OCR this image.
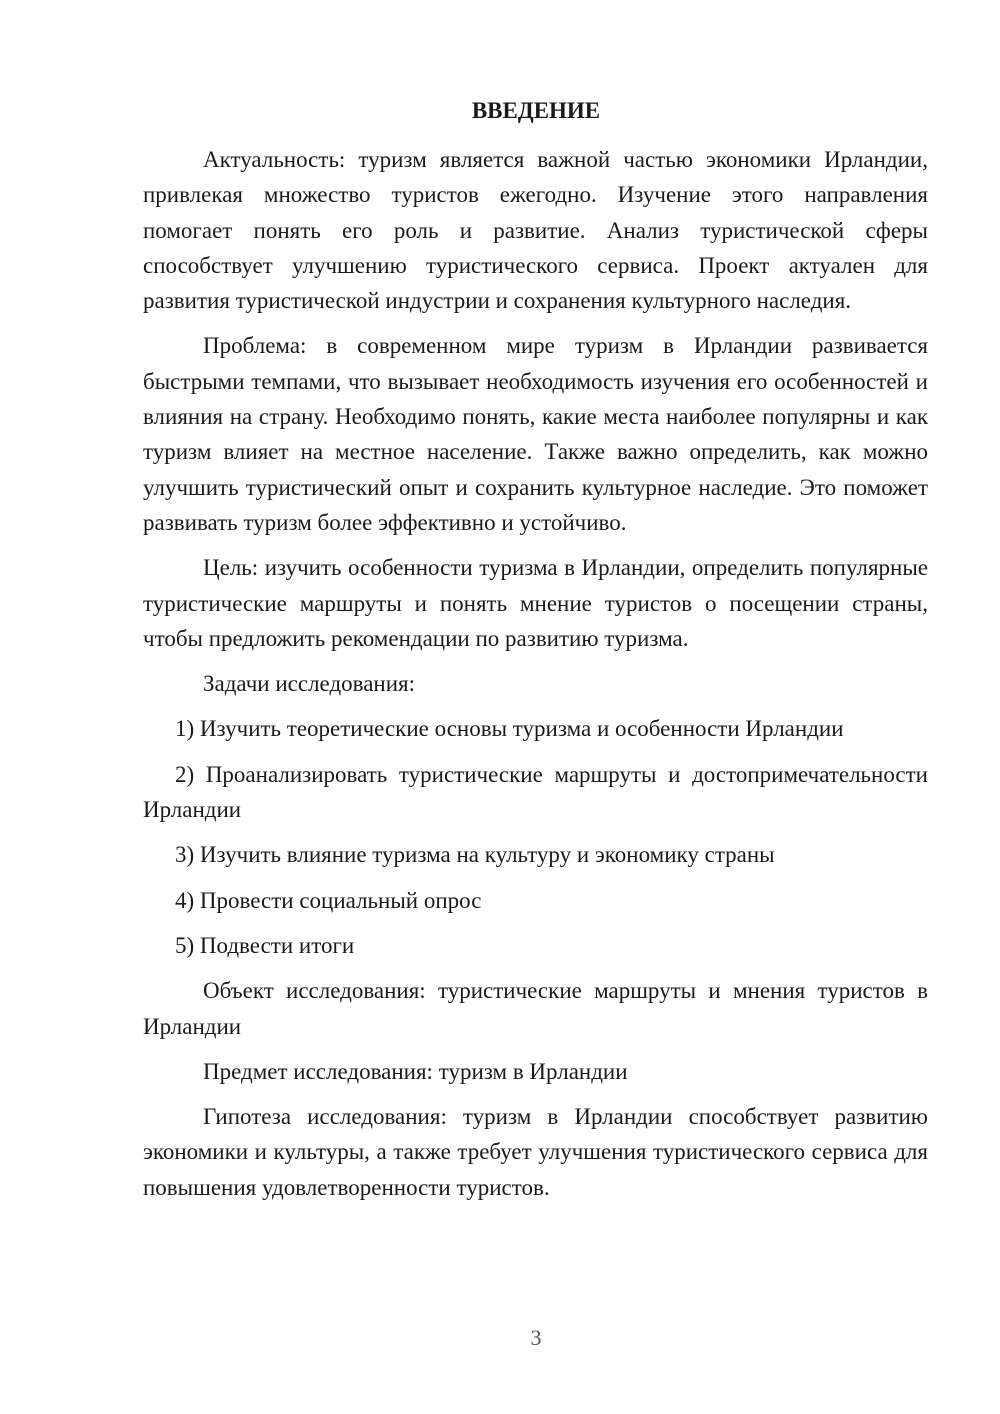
ВВЕДЕНИЕ

Актуальность: туризм является важной частью экономики Ирландии, привлекая множество туристов ежегодно. Изучение этого направления помогает понять его роль и развитие. Анализ туристической сферы способствует улучшению туристического сервиса. Проект актуален для развития туристической индустрии и сохранения культурного наследия.

Проблема: в современном мире туризм в Ирландии развивается быстрыми темпами, что вызывает необходимость изучения его особенностей и влияния на страну. Необходимо понять, какие места наиболее популярны и как туризм влияет на местное население. Также важно определить, как можно улучшить туристический опыт и сохранить культурное наследие. Это поможет развивать туризм более эффективно и устойчиво.

Цель: изучить особенности туризма в Ирландии, определить популярные туристические маршруты и понять мнение туристов о посещении страны, чтобы предложить рекомендации по развитию туризма.

Задачи исследования:

1) Изучить теоретические основы туризма и особенности Ирландии

2) Проанализировать туристические маршруты и достопримечательности Ирландии

3) Изучить влияние туризма на культуру и экономику страны

4) Провести социальный опрос

5) Подвести итоги

Объект исследования: туристические маршруты и мнения туристов в Ирландии

Предмет исследования: туризм в Ирландии

Гипотеза исследования: туризм в Ирландии способствует развитию экономики и культуры, а также требует улучшения туристического сервиса для повышения удовлетворенности туристов.

3
